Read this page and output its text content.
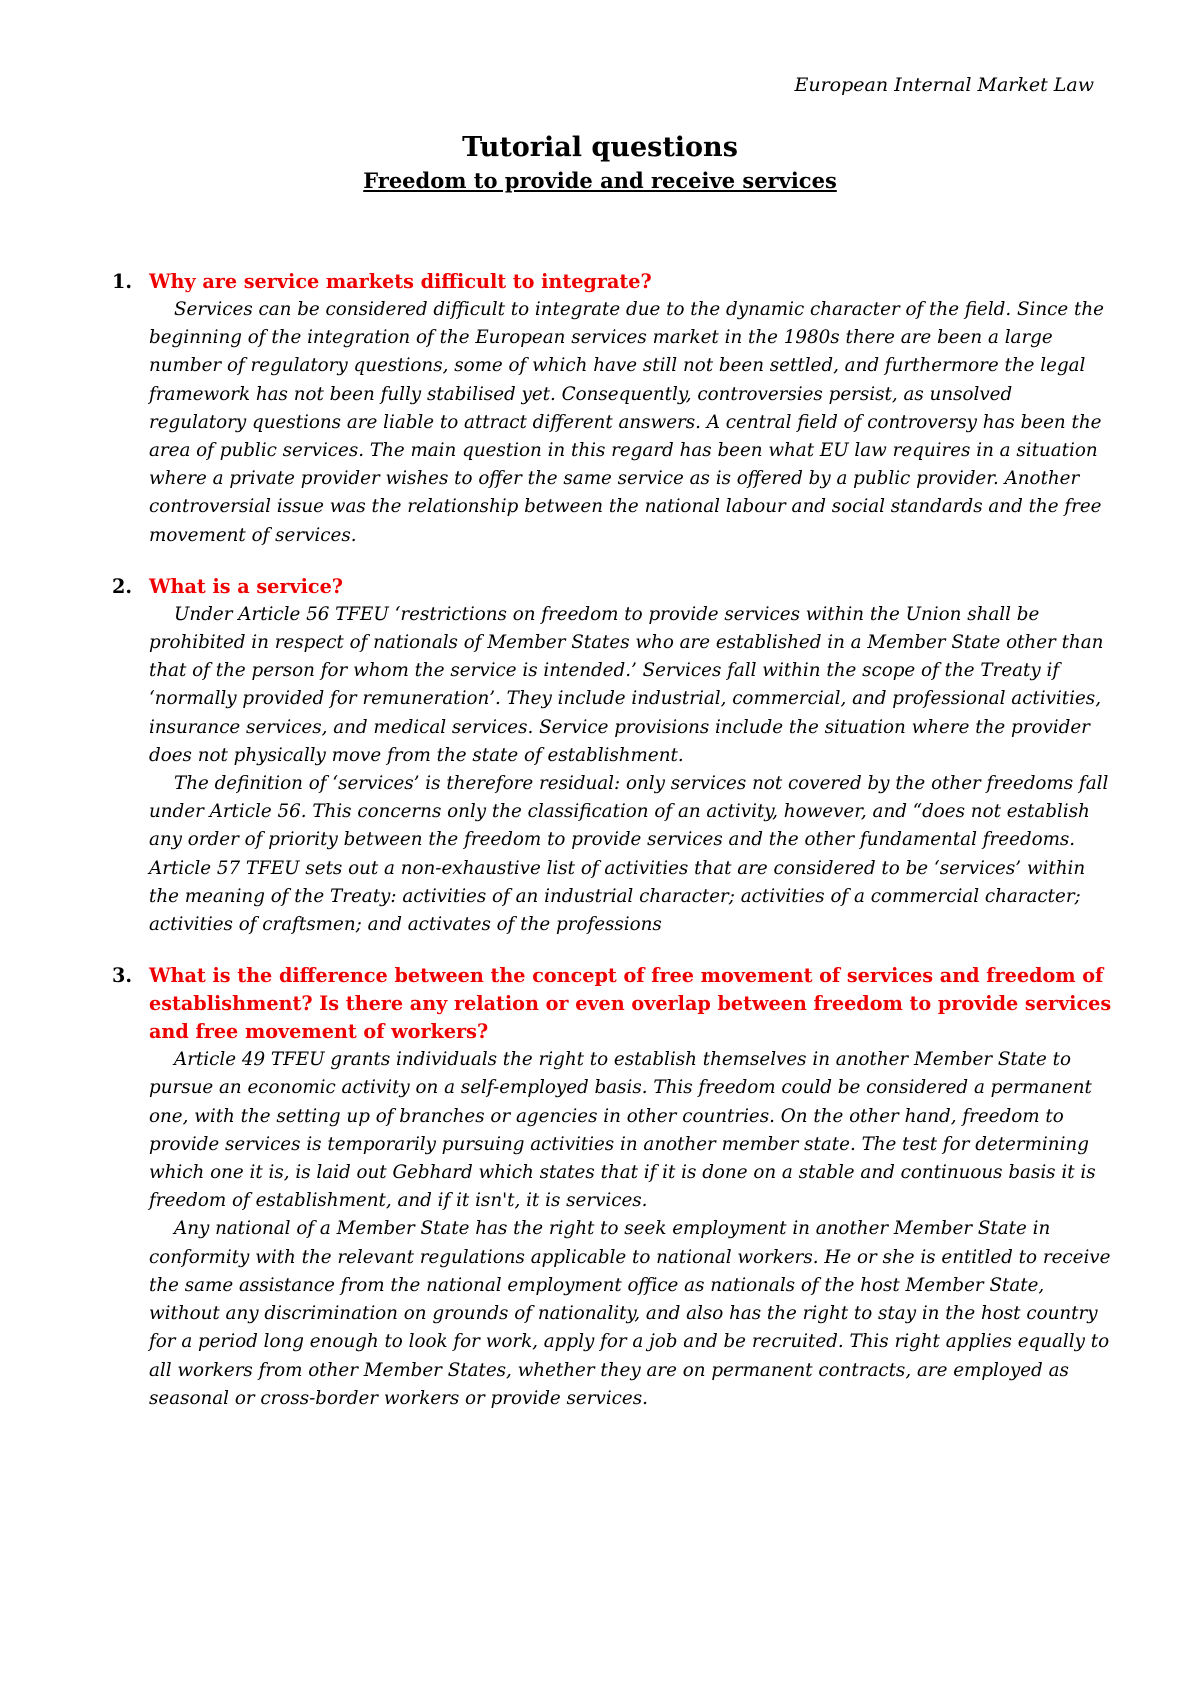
European Internal Market Law
Tutorial questions
Freedom to provide and receive services
1. Why are service markets difficult to integrate?

Services can be considered difficult to integrate due to the dynamic character of the field. Since the beginning of the integration of the European services market in the 1980s there are been a large number of regulatory questions, some of which have still not been settled, and furthermore the legal framework has not been fully stabilised yet. Consequently, controversies persist, as unsolved regulatory questions are liable to attract different answers. A central field of controversy has been the area of public services. The main question in this regard has been what EU law requires in a situation where a private provider wishes to offer the same service as is offered by a public provider. Another controversial issue was the relationship between the national labour and social standards and the free movement of services.

2. What is a service?

Under Article 56 TFEU ‘restrictions on freedom to provide services within the Union shall be prohibited in respect of nationals of Member States who are established in a Member State other than that of the person for whom the service is intended.’ Services fall within the scope of the Treaty if ‘normally provided for remuneration’. They include industrial, commercial, and professional activities, insurance services, and medical services. Service provisions include the situation where the provider does not physically move from the state of establishment.

The definition of ‘services’ is therefore residual: only services not covered by the other freedoms fall under Article 56. This concerns only the classification of an activity, however, and “does not establish any order of priority between the freedom to provide services and the other fundamental freedoms. Article 57 TFEU sets out a non-exhaustive list of activities that are considered to be ‘services’ within the meaning of the Treaty: activities of an industrial character; activities of a commercial character; activities of craftsmen; and activates of the professions

3. What is the difference between the concept of free movement of services and freedom of establishment? Is there any relation or even overlap between freedom to provide services and free movement of workers?

Article 49 TFEU grants individuals the right to establish themselves in another Member State to pursue an economic activity on a self-employed basis. This freedom could be considered a permanent one, with the setting up of branches or agencies in other countries. On the other hand, freedom to provide services is temporarily pursuing activities in another member state. The test for determining which one it is, is laid out Gebhard which states that if it is done on a stable and continuous basis it is freedom of establishment, and if it isn't, it is services.

Any national of a Member State has the right to seek employment in another Member State in conformity with the relevant regulations applicable to national workers. He or she is entitled to receive the same assistance from the national employment office as nationals of the host Member State, without any discrimination on grounds of nationality, and also has the right to stay in the host country for a period long enough to look for work, apply for a job and be recruited. This right applies equally to all workers from other Member States, whether they are on permanent contracts, are employed as seasonal or cross-border workers or provide services.
